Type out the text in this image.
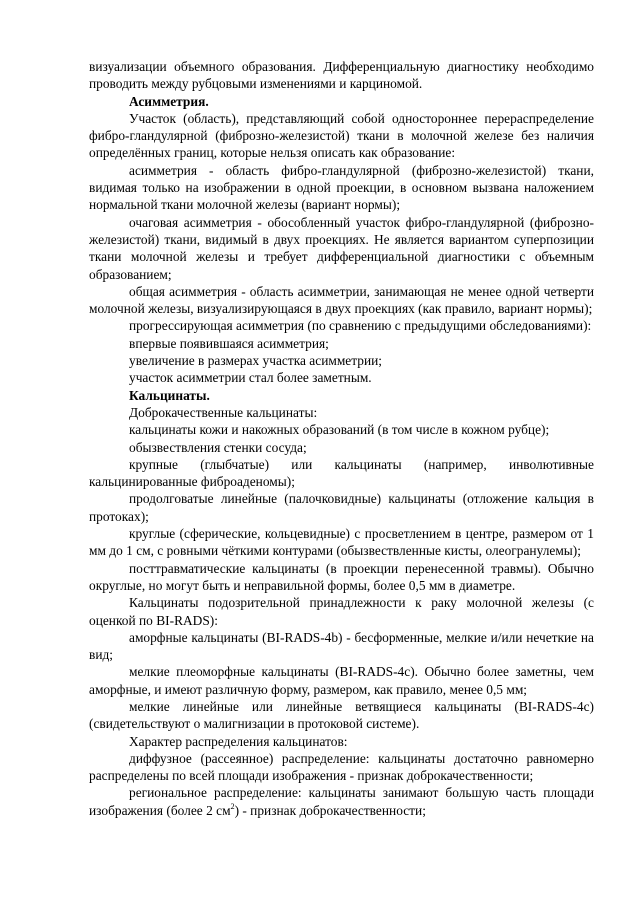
визуализации объемного образования. Дифференциальную диагностику необходимо проводить между рубцовыми изменениями и карциномой.

Асимметрия.

Участок (область), представляющий собой одностороннее перераспределение фибро-гландулярной (фиброзно-железистой) ткани в молочной железе без наличия определённых границ, которые нельзя описать как образование:

асимметрия - область фибро-гландулярной (фиброзно-железистой) ткани, видимая только на изображении в одной проекции, в основном вызвана наложением нормальной ткани молочной железы (вариант нормы);

очаговая асимметрия - обособленный участок фибро-гландулярной (фиброзно-железистой) ткани, видимый в двух проекциях. Не является вариантом суперпозиции ткани молочной железы и требует дифференциальной диагностики с объемным образованием;

общая асимметрия - область асимметрии, занимающая не менее одной четверти молочной железы, визуализирующаяся в двух проекциях (как правило, вариант нормы);

прогрессирующая асимметрия (по сравнению с предыдущими обследованиями):

впервые появившаяся асимметрия;

увеличение в размерах участка асимметрии;

участок асимметрии стал более заметным.

Кальцинаты.

Доброкачественные кальцинаты:

кальцинаты кожи и накожных образований (в том числе в кожном рубце);

обызвествления стенки сосуда;

крупные (глыбчатые) или кальцинаты (например, инволютивные кальцинированные фиброаденомы);

продолговатые линейные (палочковидные) кальцинаты (отложение кальция в протоках);

круглые (сферические, кольцевидные) с просветлением в центре, размером от 1 мм до 1 см, с ровными чёткими контурами (обызвествленные кисты, олеогранулемы);

посттравматические кальцинаты (в проекции перенесенной травмы). Обычно округлые, но могут быть и неправильной формы, более 0,5 мм в диаметре.

Кальцинаты подозрительной принадлежности к раку молочной железы (с оценкой по BI-RADS):

аморфные кальцинаты (BI-RADS-4b) - бесформенные, мелкие и/или нечеткие на вид;

мелкие плеоморфные кальцинаты (BI-RADS-4c). Обычно более заметны, чем аморфные, и имеют различную форму, размером, как правило, менее 0,5 мм;

мелкие линейные или линейные ветвящиеся кальцинаты (BI-RADS-4c) (свидетельствуют о малигнизации в протоковой системе).

Характер распределения кальцинатов:

диффузное (рассеянное) распределение: кальцинаты достаточно равномерно распределены по всей площади изображения - признак доброкачественности;

региональное распределение: кальцинаты занимают большую часть площади изображения (более 2 $см^2$) - признак доброкачественности;
